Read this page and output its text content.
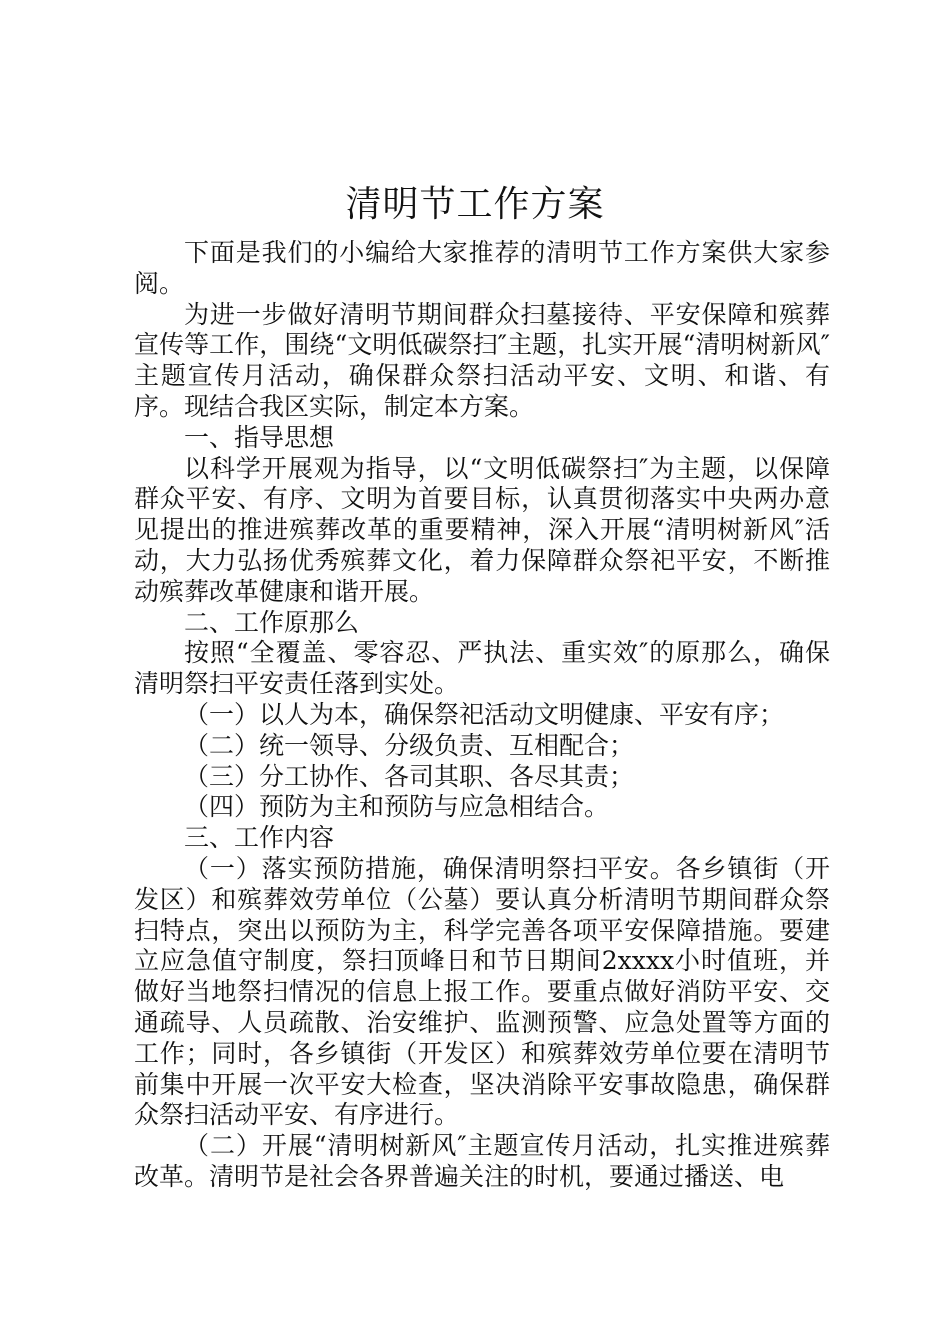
清明节工作方案

下面是我们的小编给大家推荐的清明节工作方案供大家参阅。

为进一步做好清明节期间群众扫墓接待、平安保障和殡葬宣传等工作，围绕“文明低碳祭扫″主题，扎实开展“清明树新风″主题宣传月活动，确保群众祭扫活动平安、文明、和谐、有序。现结合我区实际，制定本方案。

一、指导思想

以科学开展观为指导，以“文明低碳祭扫″为主题，以保障群众平安、有序、文明为首要目标，认真贯彻落实中央两办意见提出的推进殡葬改革的重要精神，深入开展“清明树新风″活动，大力弘扬优秀殡葬文化，着力保障群众祭祀平安，不断推动殡葬改革健康和谐开展。

二、工作原那么

按照“全覆盖、零容忍、严执法、重实效″的原那么，确保清明祭扫平安责任落到实处。

（一）以人为本，确保祭祀活动文明健康、平安有序；

（二）统一领导、分级负责、互相配合；

（三）分工协作、各司其职、各尽其责；

（四）预防为主和预防与应急相结合。

三、工作内容

（一）落实预防措施，确保清明祭扫平安。各乡镇街（开发区）和殡葬效劳单位（公墓）要认真分析清明节期间群众祭扫特点，突出以预防为主，科学完善各项平安保障措施。要建立应急值守制度，祭扫顶峰日和节日期间2xxxx小时值班，并做好当地祭扫情况的信息上报工作。要重点做好消防平安、交通疏导、人员疏散、治安维护、监测预警、应急处置等方面的工作；同时，各乡镇街（开发区）和殡葬效劳单位要在清明节前集中开展一次平安大检查，坚决消除平安事故隐患，确保群众祭扫活动平安、有序进行。

（二）开展“清明树新风″主题宣传月活动，扎实推进殡葬改革。清明节是社会各界普遍关注的时机，要通过播送、电
